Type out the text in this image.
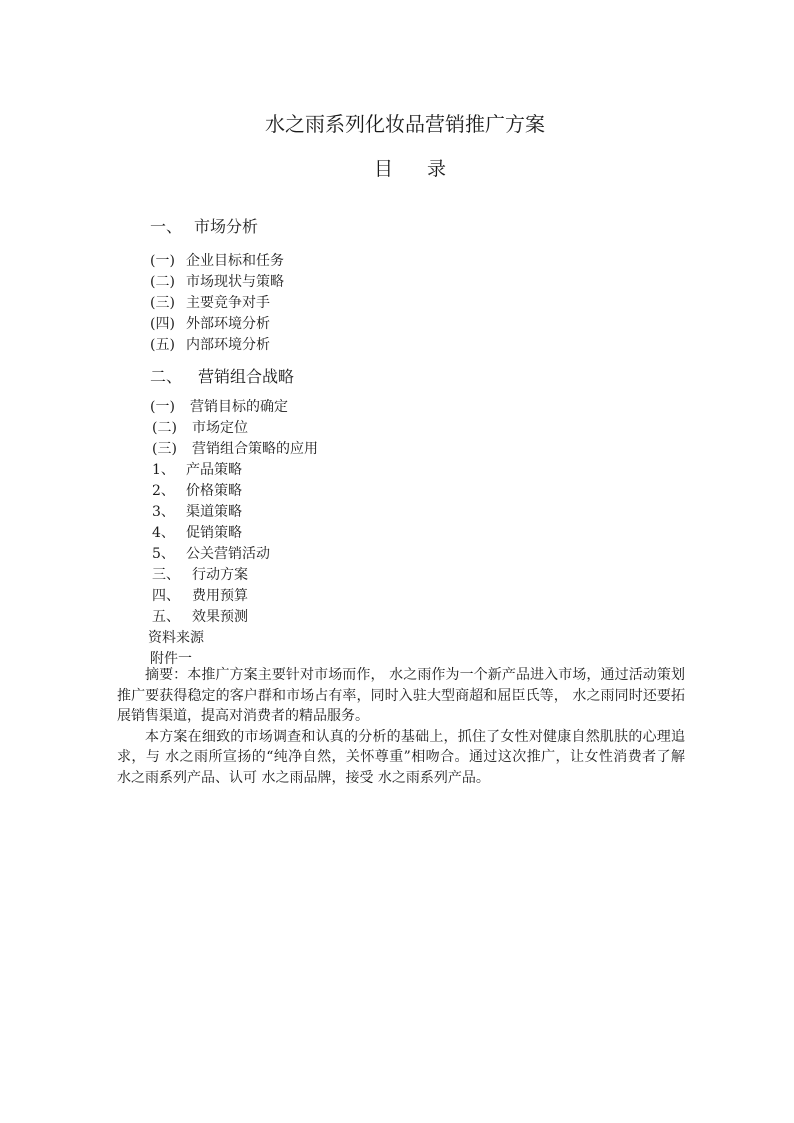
水之雨系列化妆品营销推广方案
目 录
一、 市场分析
(一) 企业目标和任务
(二) 市场现状与策略
(三) 主要竞争对手
(四) 外部环境分析
(五) 内部环境分析
二、 营销组合战略
(一) 营销目标的确定
(二) 市场定位
(三) 营销组合策略的应用
1、 产品策略
2、 价格策略
3、 渠道策略
4、 促销策略
5、 公关营销活动
三、 行动方案
四、 费用预算
五、 效果预测
资料来源
附件一

摘要：本推广方案主要针对市场而作， 水之雨作为一个新产品进入市场，通过活动策划推广要获得稳定的客户群和市场占有率，同时入驻大型商超和屈臣氏等， 水之雨同时还要拓展销售渠道，提高对消费者的精品服务。

本方案在细致的市场调查和认真的分析的基础上，抓住了女性对健康自然肌肤的心理追求，与 水之雨所宣扬的“纯净自然，关怀尊重”相吻合。通过这次推广，让女性消费者了解 水之雨系列产品、认可 水之雨品牌，接受 水之雨系列产品。
